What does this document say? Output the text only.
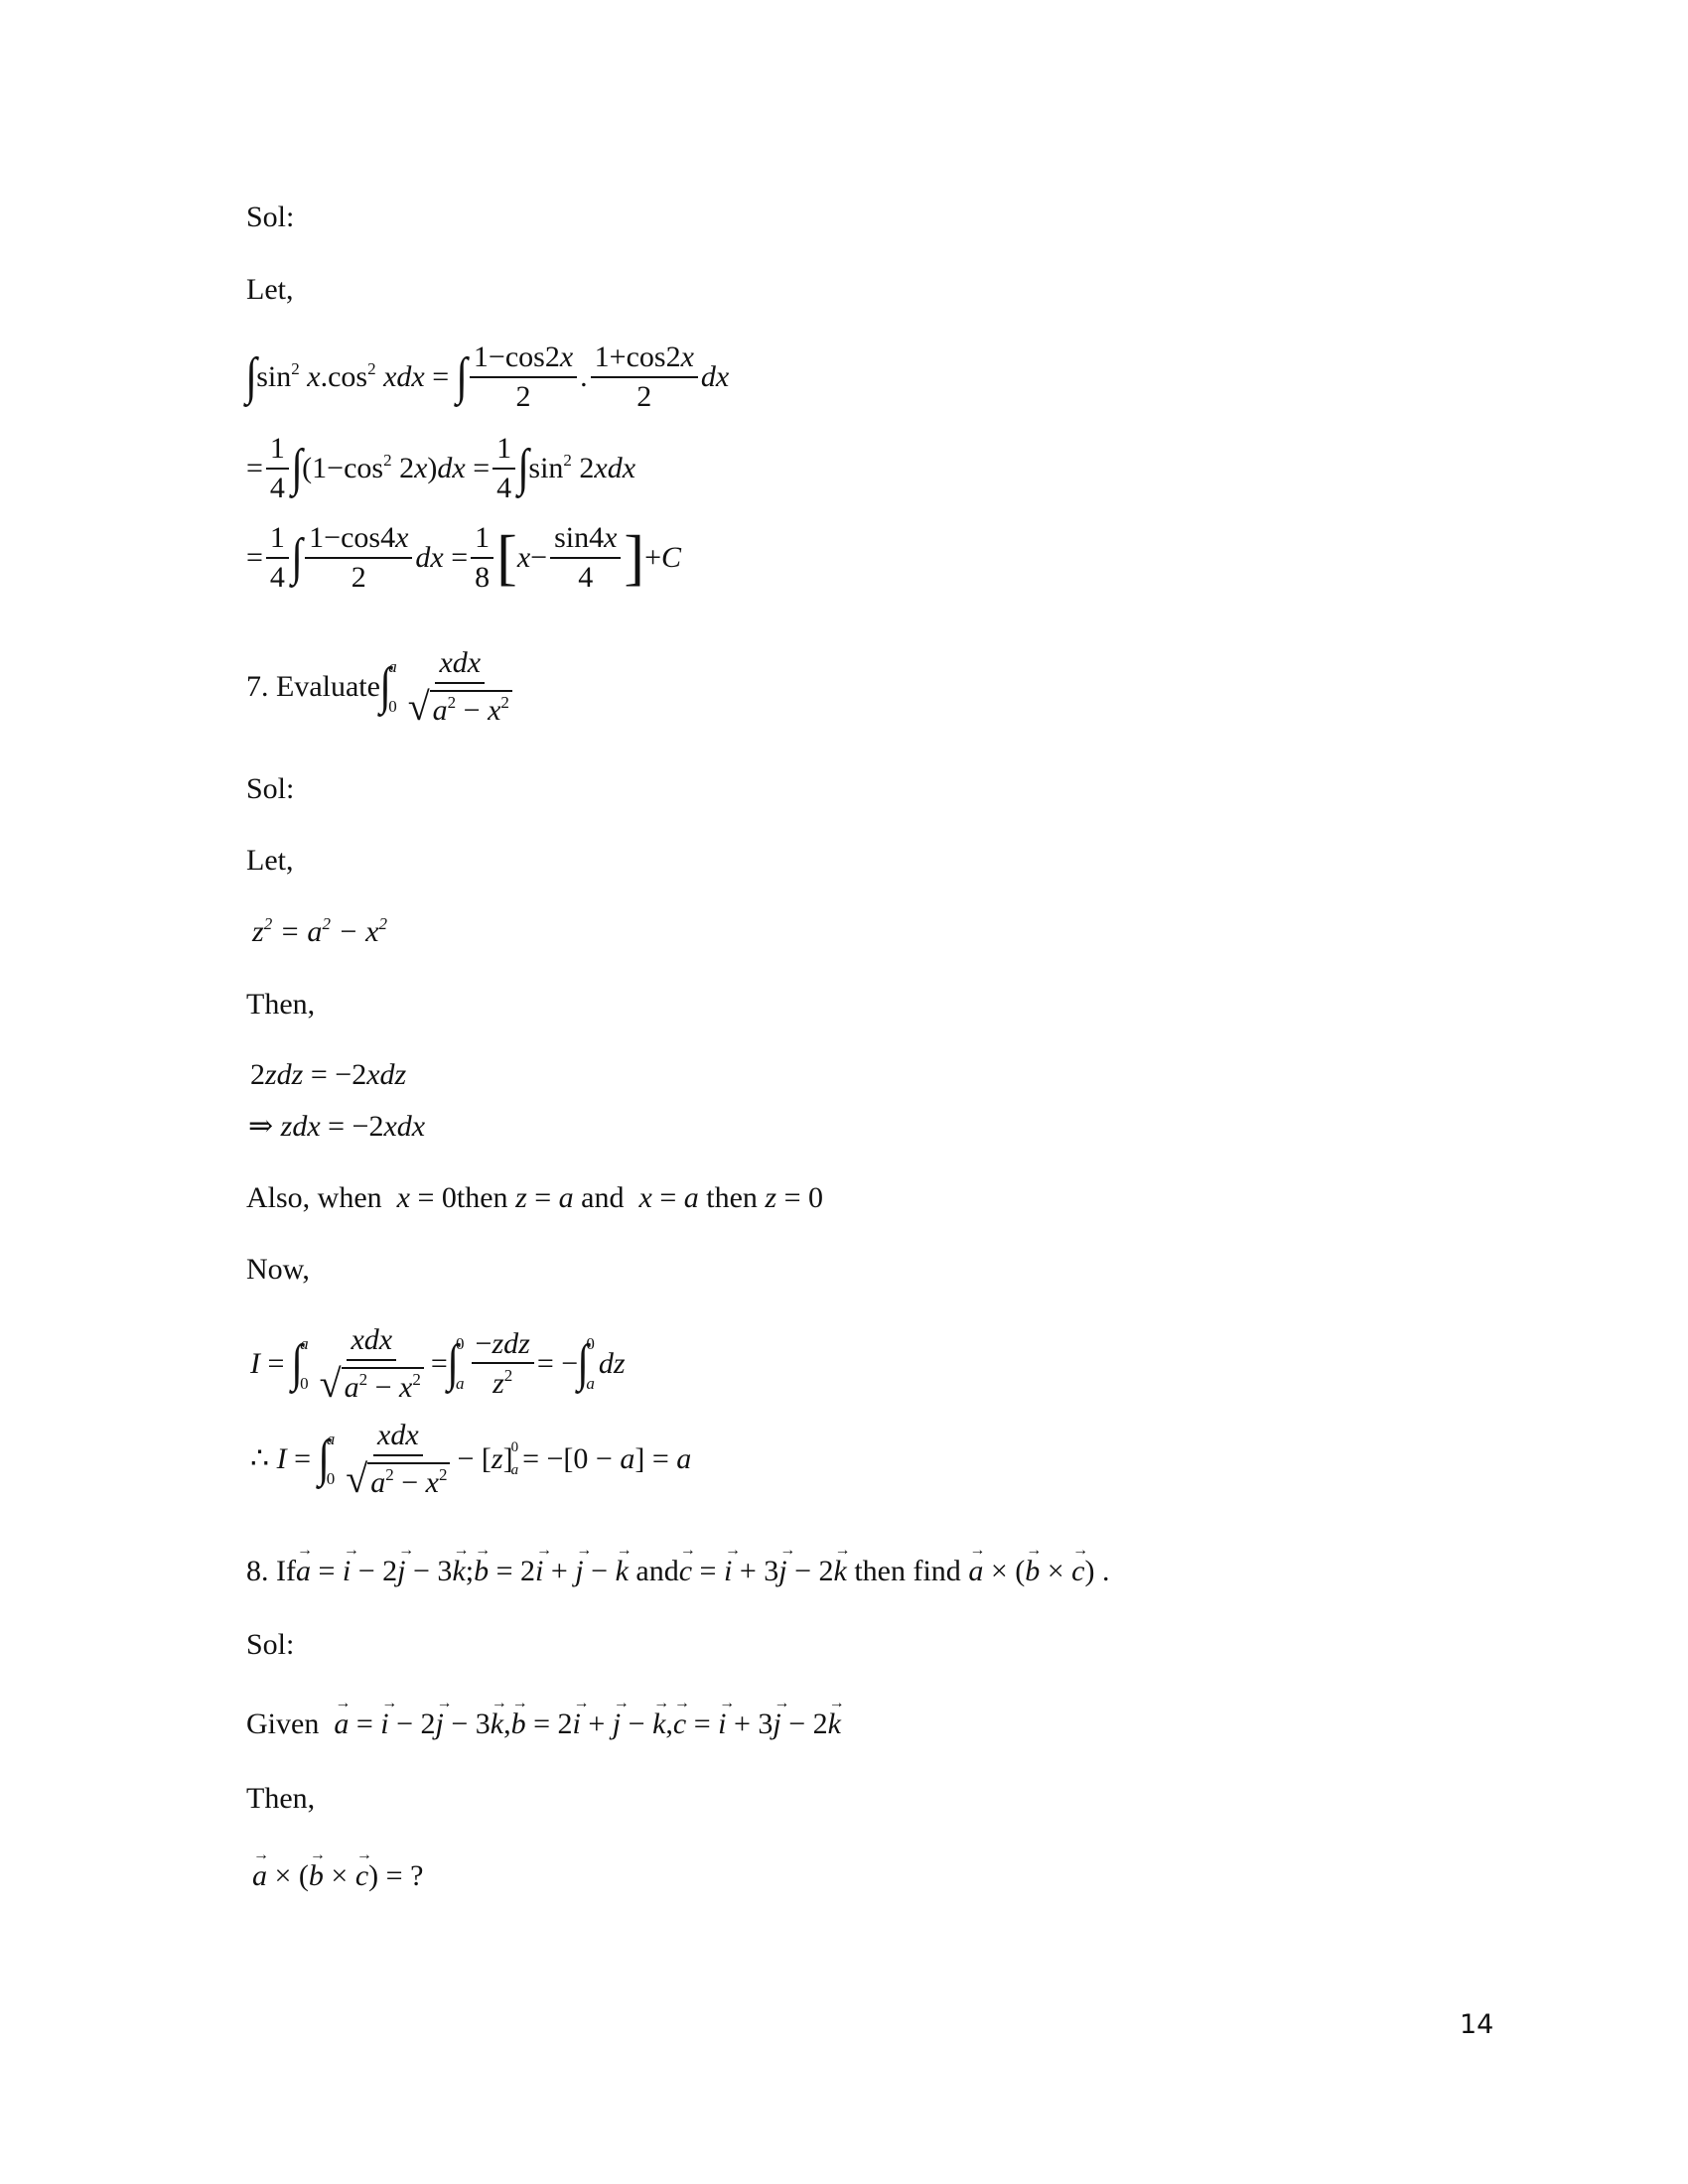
Sol:
Let,
∫ $\sin^2 x.\cos^2$ xdx = ∫ $\frac{1-\cos 2x}{2}$ . $\frac{1+\cos 2x}{2}$ dx
= $\frac{1}{4}$ ∫ ($1-\cos^2$ $2x)dx = \frac{1}{4}$ ∫ $\sin^2 2xdx$
= $\frac{1}{4}$ ∫ $\frac{1-\cos 4x}{2}$ dx = $\frac{1}{8}$ [ $x - \frac{\sin 4x}{4}$ ] +C
7. Evaluate ∫
a
$0 \frac{\text{xdx}}{√ a^2 - x^2}$
Sol:
Let,
$z^2 = a^2 - x^2$
Then,
2zdz = −2xdz
⇒ zdx = −2xdx
Also, when x = 0then z = a and x = a then z = 0
Now,
I = ∫
a
$0 \frac{\text{xdx}}{√ a^2 - x^2}$ = ∫
0
a $\frac{\text{−zdz}}{z^2}$ = − ∫
0
a
dz
∴ I = ∫
a
$0 \frac{\text{xdx}}{√ a^2 - x^2} - [z]$
0
a = −[0 − a] = a
8. If→ a = → i − 2→ j − 3→ k;→ b = 2→ i + → j − → k and→ c = → i + 3→ j − 2→ k then find → a × (→ b × → c) .
Sol:
Given → a = → i − 2→ j − 3→ k,→ b = 2→ i + → j − → k,→ c = → i + 3→ j − 2→ k
Then,
→ a × (→ b × → c) = ?
14
